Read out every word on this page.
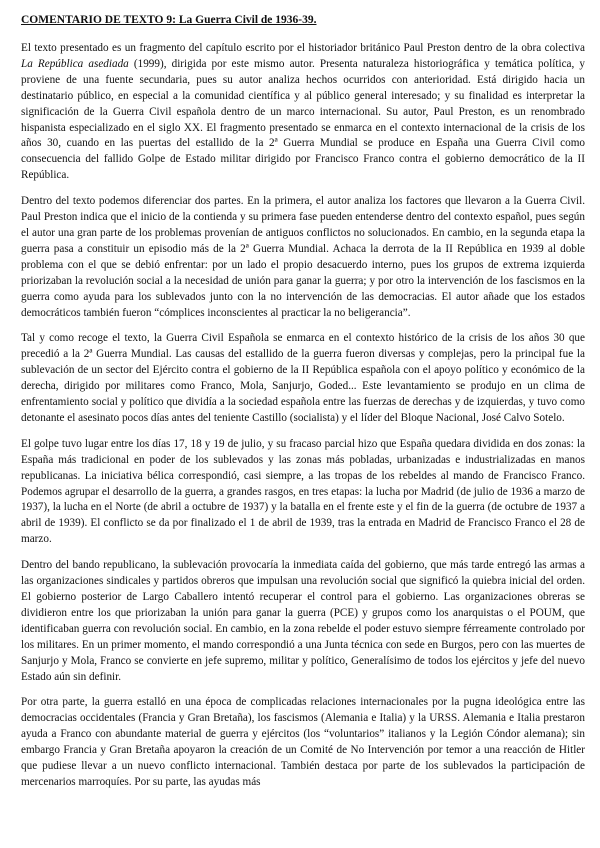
COMENTARIO DE TEXTO 9: La Guerra Civil de 1936-39.

El texto presentado es un fragmento del capítulo escrito por el historiador británico Paul Preston dentro de la obra colectiva La República asediada (1999), dirigida por este mismo autor. Presenta naturaleza historiográfica y temática política, y proviene de una fuente secundaria, pues su autor analiza hechos ocurridos con anterioridad. Está dirigido hacia un destinatario público, en especial a la comunidad científica y al público general interesado; y su finalidad es interpretar la significación de la Guerra Civil española dentro de un marco internacional. Su autor, Paul Preston, es un renombrado hispanista especializado en el siglo XX. El fragmento presentado se enmarca en el contexto internacional de la crisis de los años 30, cuando en las puertas del estallido de la 2ª Guerra Mundial se produce en España una Guerra Civil como consecuencia del fallido Golpe de Estado militar dirigido por Francisco Franco contra el gobierno democrático de la II República.

Dentro del texto podemos diferenciar dos partes. En la primera, el autor analiza los factores que llevaron a la Guerra Civil. Paul Preston indica que el inicio de la contienda y su primera fase pueden entenderse dentro del contexto español, pues según el autor una gran parte de los problemas provenían de antiguos conflictos no solucionados. En cambio, en la segunda etapa la guerra pasa a constituir un episodio más de la 2ª Guerra Mundial. Achaca la derrota de la II República en 1939 al doble problema con el que se debió enfrentar: por un lado el propio desacuerdo interno, pues los grupos de extrema izquierda priorizaban la revolución social a la necesidad de unión para ganar la guerra; y por otro la intervención de los fascismos en la guerra como ayuda para los sublevados junto con la no intervención de las democracias. El autor añade que los estados democráticos también fueron “cómplices inconscientes al practicar la no beligerancia”.

Tal y como recoge el texto, la Guerra Civil Española se enmarca en el contexto histórico de la crisis de los años 30 que precedió a la 2ª Guerra Mundial. Las causas del estallido de la guerra fueron diversas y complejas, pero la principal fue la sublevación de un sector del Ejército contra el gobierno de la II República española con el apoyo político y económico de la derecha, dirigido por militares como Franco, Mola, Sanjurjo, Goded... Este levantamiento se produjo en un clima de enfrentamiento social y político que dividía a la sociedad española entre las fuerzas de derechas y de izquierdas, y tuvo como detonante el asesinato pocos días antes del teniente Castillo (socialista) y el líder del Bloque Nacional, José Calvo Sotelo.

El golpe tuvo lugar entre los días 17, 18 y 19 de julio, y su fracaso parcial hizo que España quedara dividida en dos zonas: la España más tradicional en poder de los sublevados y las zonas más pobladas, urbanizadas e industrializadas en manos republicanas. La iniciativa bélica correspondió, casi siempre, a las tropas de los rebeldes al mando de Francisco Franco. Podemos agrupar el desarrollo de la guerra, a grandes rasgos, en tres etapas: la lucha por Madrid (de julio de 1936 a marzo de 1937), la lucha en el Norte (de abril a octubre de 1937) y la batalla en el frente este y el fin de la guerra (de octubre de 1937 a abril de 1939). El conflicto se da por finalizado el 1 de abril de 1939, tras la entrada en Madrid de Francisco Franco el 28 de marzo.

Dentro del bando republicano, la sublevación provocaría la inmediata caída del gobierno, que más tarde entregó las armas a las organizaciones sindicales y partidos obreros que impulsan una revolución social que significó la quiebra inicial del orden. El gobierno posterior de Largo Caballero intentó recuperar el control para el gobierno. Las organizaciones obreras se dividieron entre los que priorizaban la unión para ganar la guerra (PCE) y grupos como los anarquistas o el POUM, que identificaban guerra con revolución social. En cambio, en la zona rebelde el poder estuvo siempre férreamente controlado por los militares. En un primer momento, el mando correspondió a una Junta técnica con sede en Burgos, pero con las muertes de Sanjurjo y Mola, Franco se convierte en jefe supremo, militar y político, Generalísimo de todos los ejércitos y jefe del nuevo Estado aún sin definir.

Por otra parte, la guerra estalló en una época de complicadas relaciones internacionales por la pugna ideológica entre las democracias occidentales (Francia y Gran Bretaña), los fascismos (Alemania e Italia) y la URSS. Alemania e Italia prestaron ayuda a Franco con abundante material de guerra y ejércitos (los “voluntarios” italianos y la Legión Cóndor alemana); sin embargo Francia y Gran Bretaña apoyaron la creación de un Comité de No Intervención por temor a una reacción de Hitler que pudiese llevar a un nuevo conflicto internacional. También destaca por parte de los sublevados la participación de mercenarios marroquíes. Por su parte, las ayudas más
